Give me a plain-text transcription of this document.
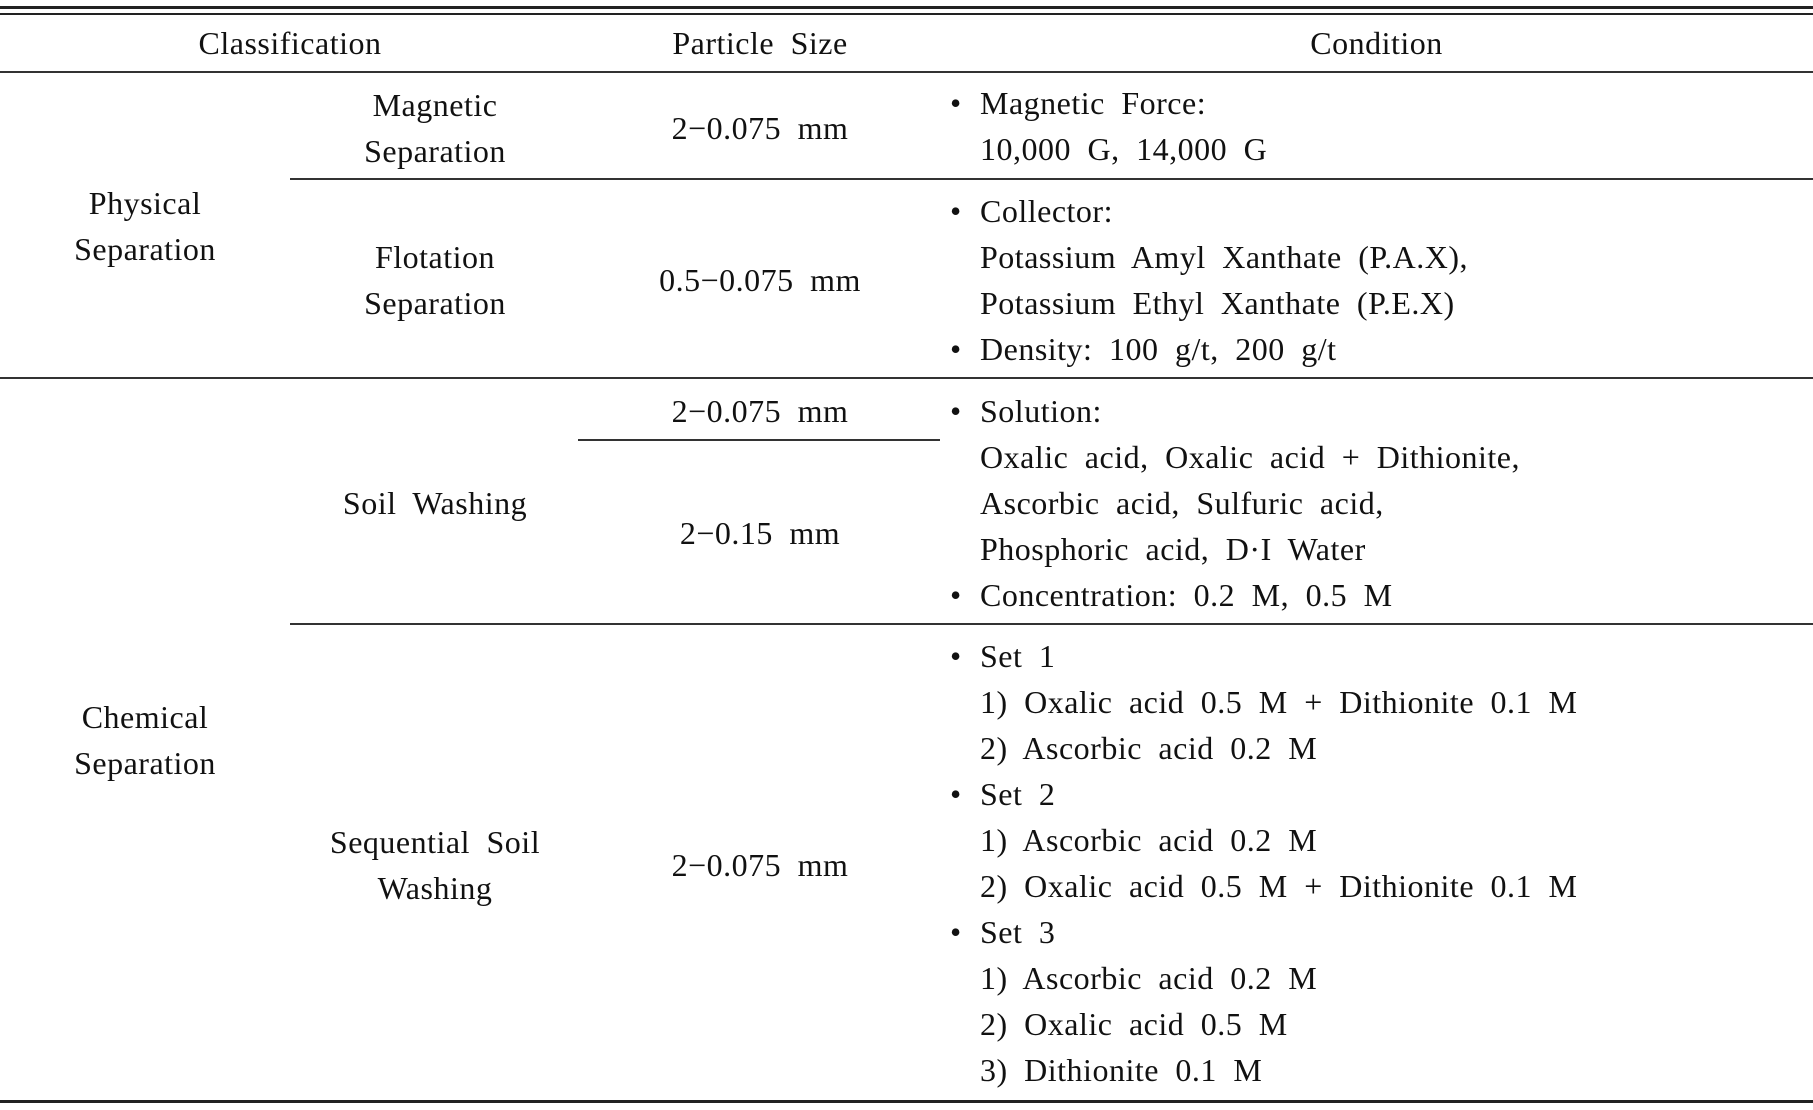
Classification	Particle Size	Condition
Physical
Separation
Magnetic
Separation
2−0.075 mm
• Magnetic Force:
10,000 G, 14,000 G
Flotation
Separation
0.5−0.075 mm
• Collector:
Potassium Amyl Xanthate (P.A.X),
Potassium Ethyl Xanthate (P.E.X)
• Density: 100 g/t, 200 g/t
Chemical
Separation
Soil Washing
2−0.075 mm
2−0.15 mm
• Solution:
Oxalic acid, Oxalic acid + Dithionite,
Ascorbic acid, Sulfuric acid,
Phosphoric acid, D·I Water
• Concentration: 0.2 M, 0.5 M
Sequential Soil
Washing
2−0.075 mm
• Set 1
1) Oxalic acid 0.5 M + Dithionite 0.1 M
2) Ascorbic acid 0.2 M
• Set 2
1) Ascorbic acid 0.2 M
2) Oxalic acid 0.5 M + Dithionite 0.1 M
• Set 3
1) Ascorbic acid 0.2 M
2) Oxalic acid 0.5 M
3) Dithionite 0.1 M
